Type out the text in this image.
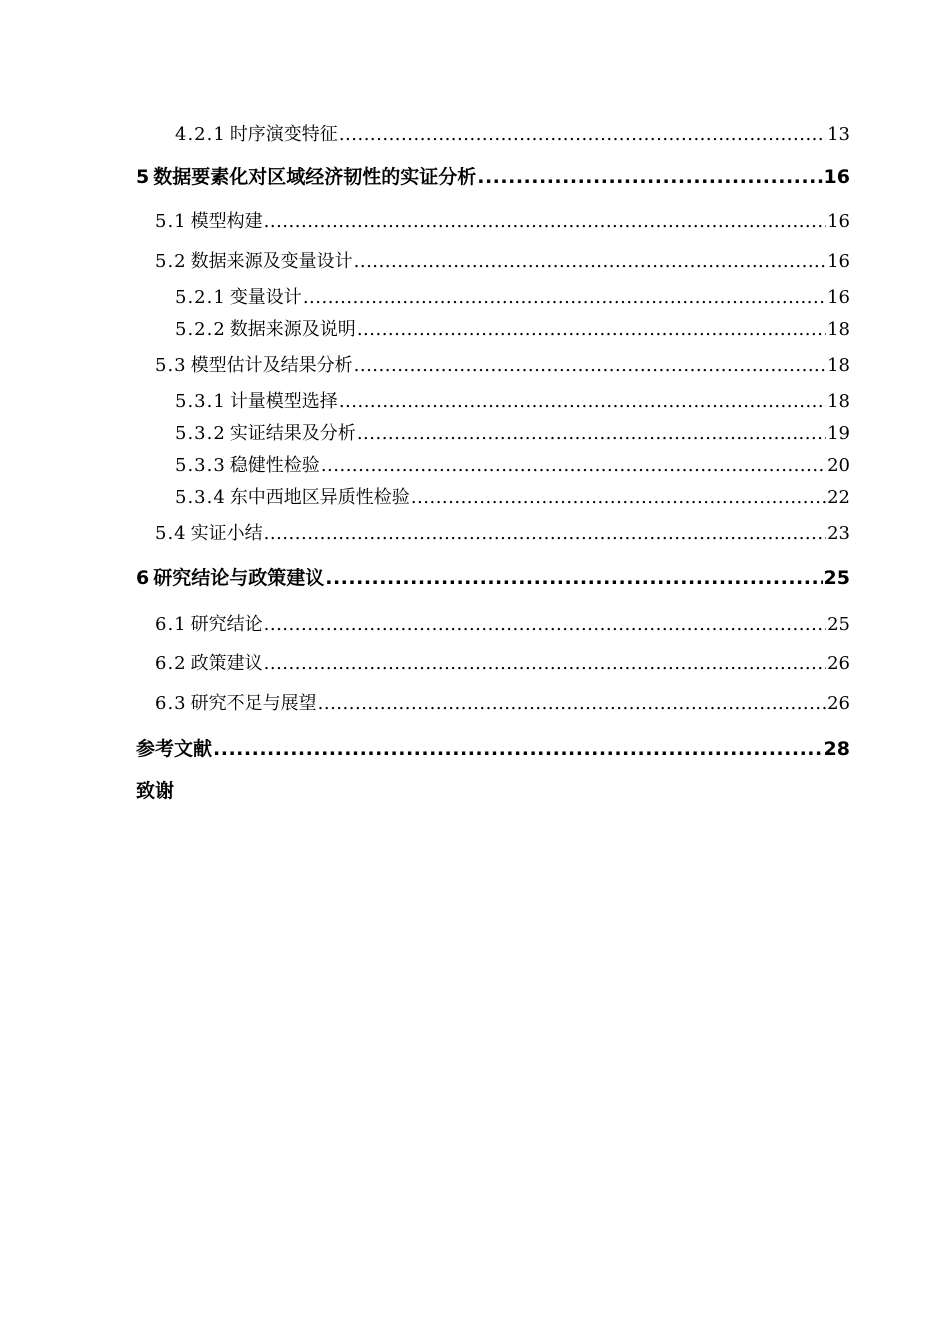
4.2.1 时序演变特征 .....	13
5 数据要素化对区域经济韧性的实证分析 .....	16
5.1 模型构建 .....	16
5.2 数据来源及变量设计 .....	16
5.2.1 变量设计 .....	16
5.2.2 数据来源及说明 .....	18
5.3 模型估计及结果分析 .....	18
5.3.1 计量模型选择 .....	18
5.3.2 实证结果及分析 .....	19
5.3.3 稳健性检验 .....	20
5.3.4 东中西地区异质性检验 .....	22
5.4 实证小结 .....	23
6 研究结论与政策建议 .....	25
6.1 研究结论 .....	25
6.2 政策建议 .....	26
6.3 研究不足与展望 .....	26
参考文献 .....	28
致谢
